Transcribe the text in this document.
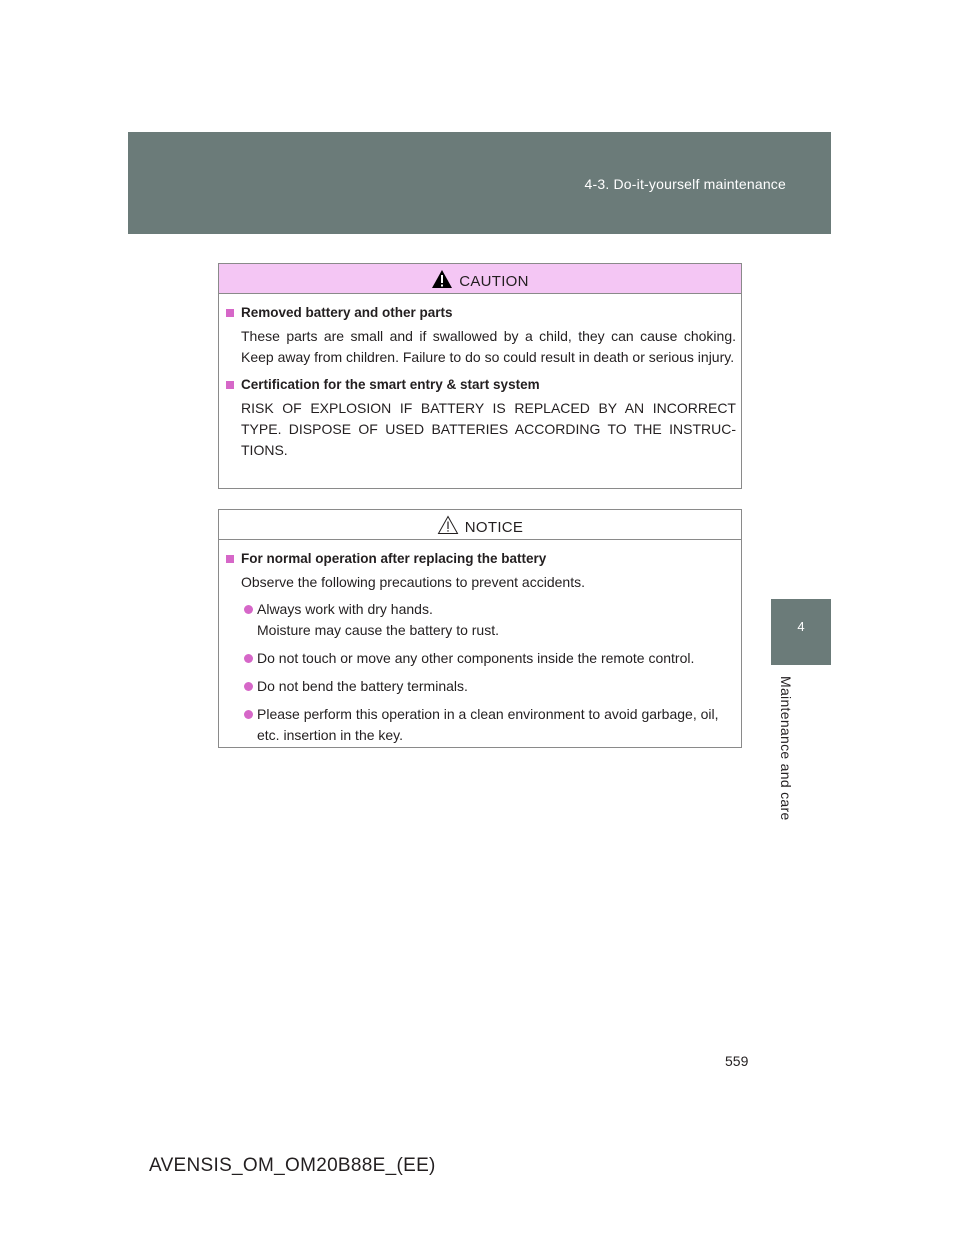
4-3. Do-it-yourself maintenance
4
Maintenance and care
CAUTION
Removed battery and other parts

These parts are small and if swallowed by a child, they can cause choking. Keep away from children. Failure to do so could result in death or serious injury.

Certification for the smart entry & start system

RISK OF EXPLOSION IF BATTERY IS REPLACED BY AN INCORRECT TYPE. DISPOSE OF USED BATTERIES ACCORDING TO THE INSTRUC-TIONS.

NOTICE
For normal operation after replacing the battery

Observe the following precautions to prevent accidents.

Always work with dry hands.
Moisture may cause the battery to rust.
Do not touch or move any other components inside the remote control.
Do not bend the battery terminals.
Please perform this operation in a clean environment to avoid garbage, oil, etc. insertion in the key.
559
AVENSIS_OM_OM20B88E_(EE)
